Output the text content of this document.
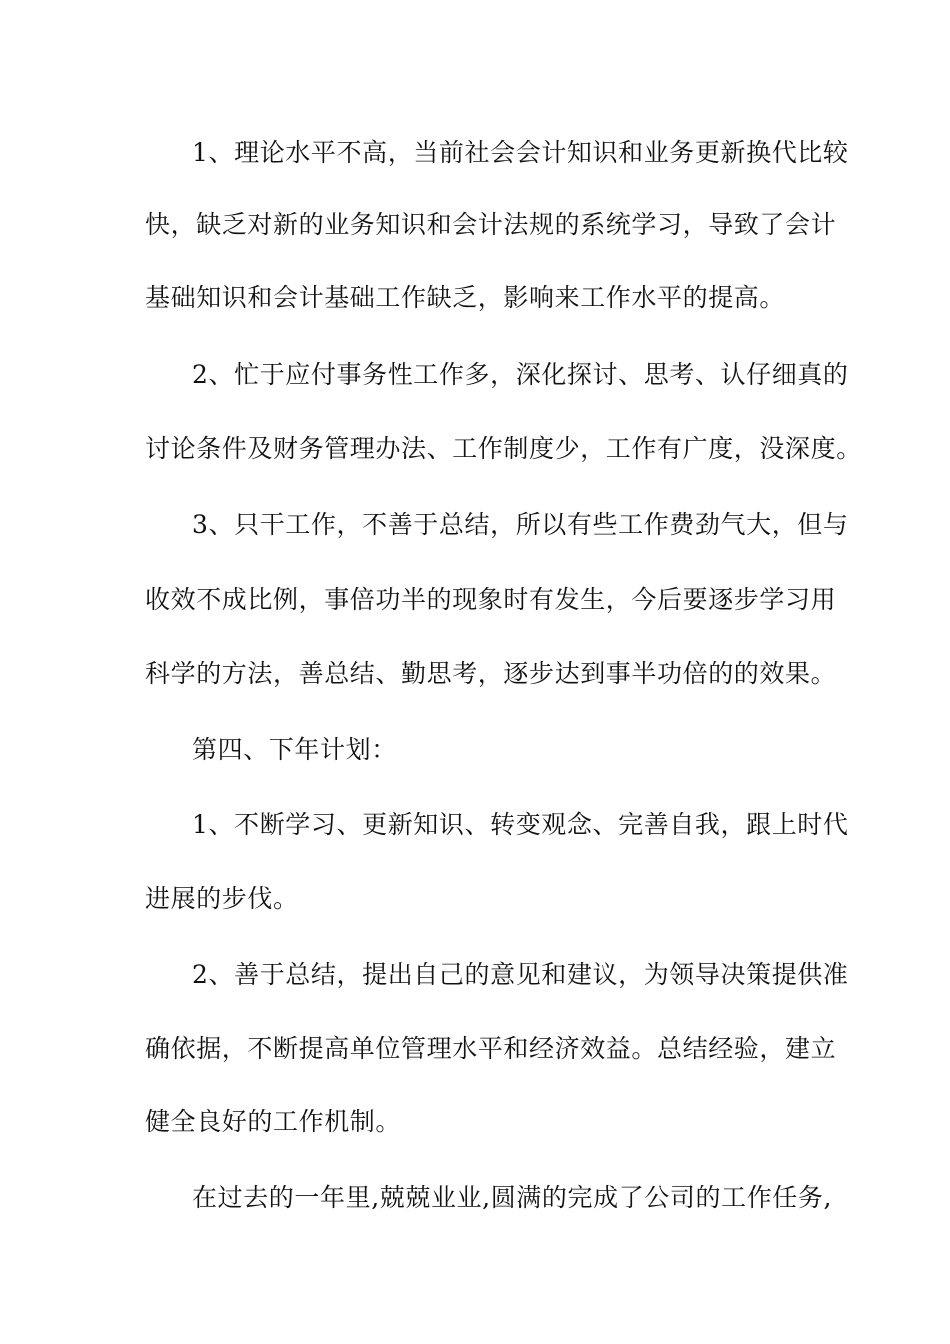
1、理论水平不高，当前社会会计知识和业务更新换代比较
快，缺乏对新的业务知识和会计法规的系统学习，导致了会计
基础知识和会计基础工作缺乏，影响来工作水平的提高。
2、忙于应付事务性工作多，深化探讨、思考、认仔细真的
讨论条件及财务管理办法、工作制度少，工作有广度，没深度。
3、只干工作，不善于总结，所以有些工作费劲气大，但与
收效不成比例，事倍功半的现象时有发生，今后要逐步学习用
科学的方法，善总结、勤思考，逐步达到事半功倍的的效果。
第四、下年计划：
1、不断学习、更新知识、转变观念、完善自我，跟上时代
进展的步伐。
2、善于总结，提出自己的意见和建议，为领导决策提供准
确依据，不断提高单位管理水平和经济效益。总结经验，建立
健全良好的工作机制。
在过去的一年里,兢兢业业,圆满的完成了公司的工作任务,
